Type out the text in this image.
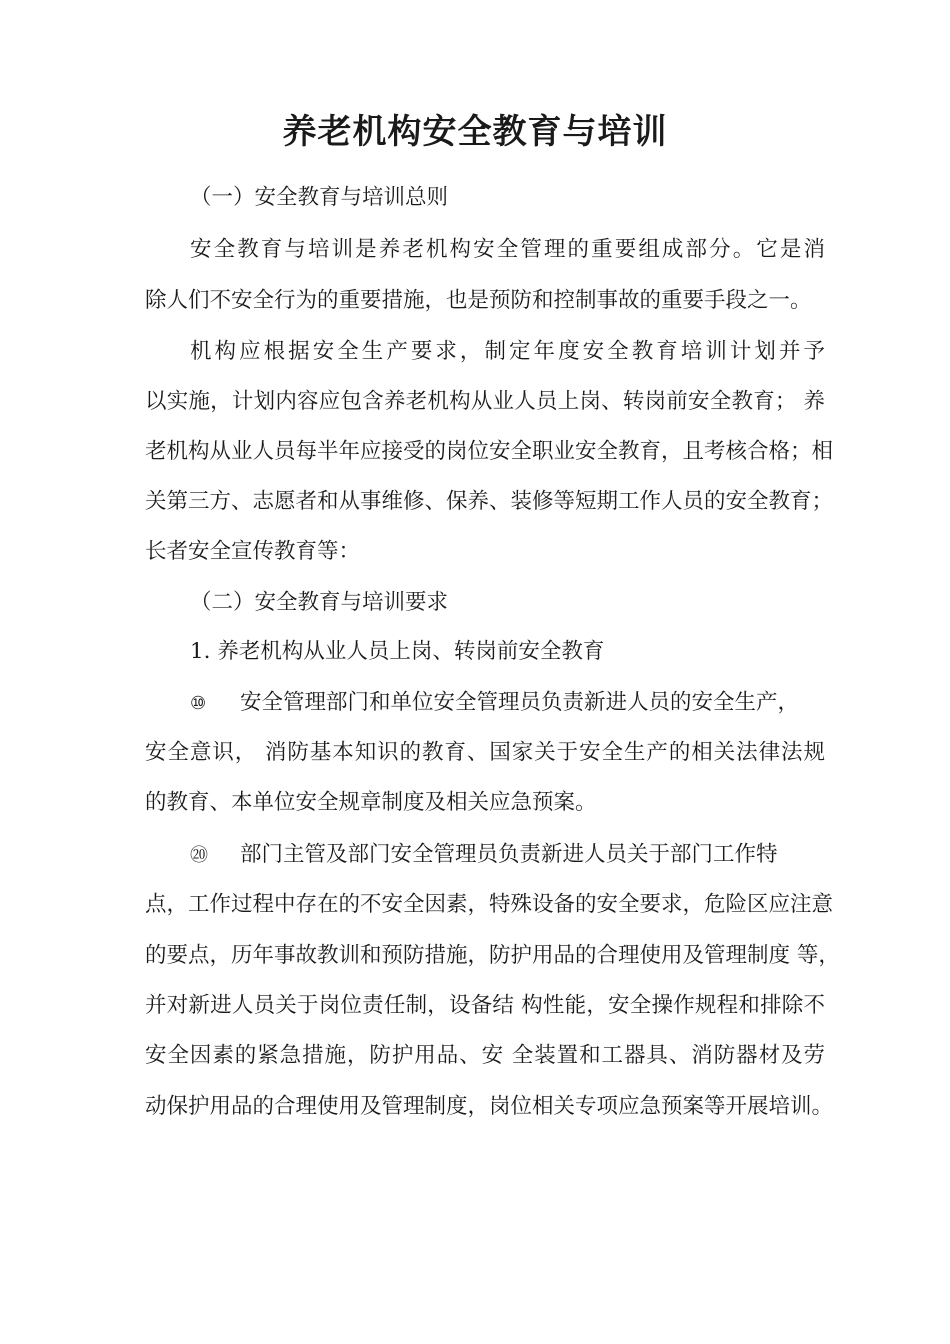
养老机构安全教育与培训
（一）安全教育与培训总则
安全教育与培训是养老机构安全管理的重要组成部分。它是消
除人们不安全行为的重要措施，也是预防和控制事故的重要手段之一。
机构应根据安全生产要求，制定年度安全教育培训计划并予
以实施，计划内容应包含养老机构从业人员上岗、转岗前安全教育； 养
老机构从业人员每半年应接受的岗位安全职业安全教育，且考核合格；相
关第三方、志愿者和从事维修、保养、装修等短期工作人员的安全教育；
长者安全宣传教育等：
（二）安全教育与培训要求
1. 养老机构从业人员上岗、转岗前安全教育
⑩ 安全管理部门和单位安全管理员负责新进人员的安全生产，
安全意识， 消防基本知识的教育、国家关于安全生产的相关法律法规
的教育、本单位安全规章制度及相关应急预案。
⑳ 部门主管及部门安全管理员负责新进人员关于部门工作特
点，工作过程中存在的不安全因素，特殊设备的安全要求，危险区应注意
的要点，历年事故教训和预防措施，防护用品的合理使用及管理制度 等，
并对新进人员关于岗位责任制，设备结 构性能，安全操作规程和排除不
安全因素的紧急措施，防护用品、安 全装置和工器具、消防器材及劳
动保护用品的合理使用及管理制度，岗位相关专项应急预案等开展培训。
